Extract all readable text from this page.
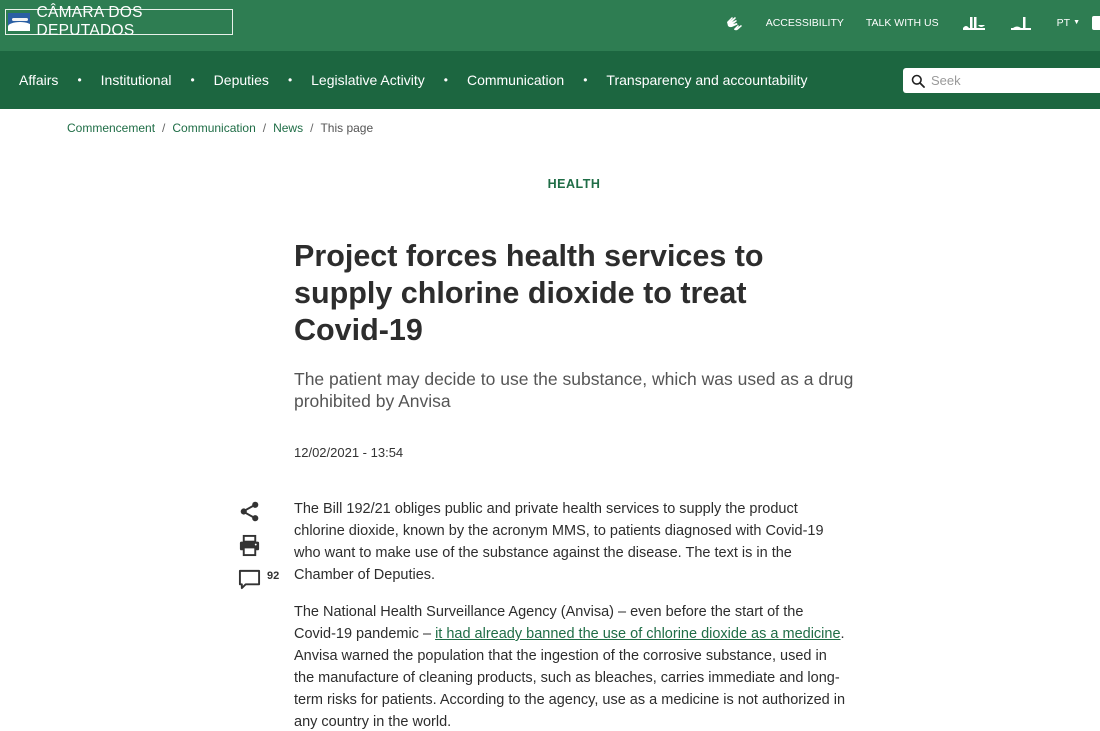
CÂMARA DOS DEPUTADOS	ACCESSIBILITY TALK WITH US	PT ▼
Affairs • Institutional • Deputies • Legislative Activity • Communication • Transparency and accountability
Seek
Commencement / Communication / News / This page
HEALTH
Project forces health services to supply chlorine dioxide to treat Covid-19

The patient may decide to use the substance, which was used as a drug prohibited by Anvisa

12/02/2021 - 13:54
92

The Bill 192/21 obliges public and private health services to supply the product chlorine dioxide, known by the acronym MMS, to patients diagnosed with Covid-19 who want to make use of the substance against the disease. The text is in the Chamber of Deputies.

The National Health Surveillance Agency (Anvisa) – even before the start of the Covid-19 pandemic – it had already banned the use of chlorine dioxide as a medicine. Anvisa warned the population that the ingestion of the corrosive substance, used in the manufacture of cleaning products, such as bleaches, carries immediate and long-term risks for patients. According to the agency, use as a medicine is not authorized in any country in the world.
